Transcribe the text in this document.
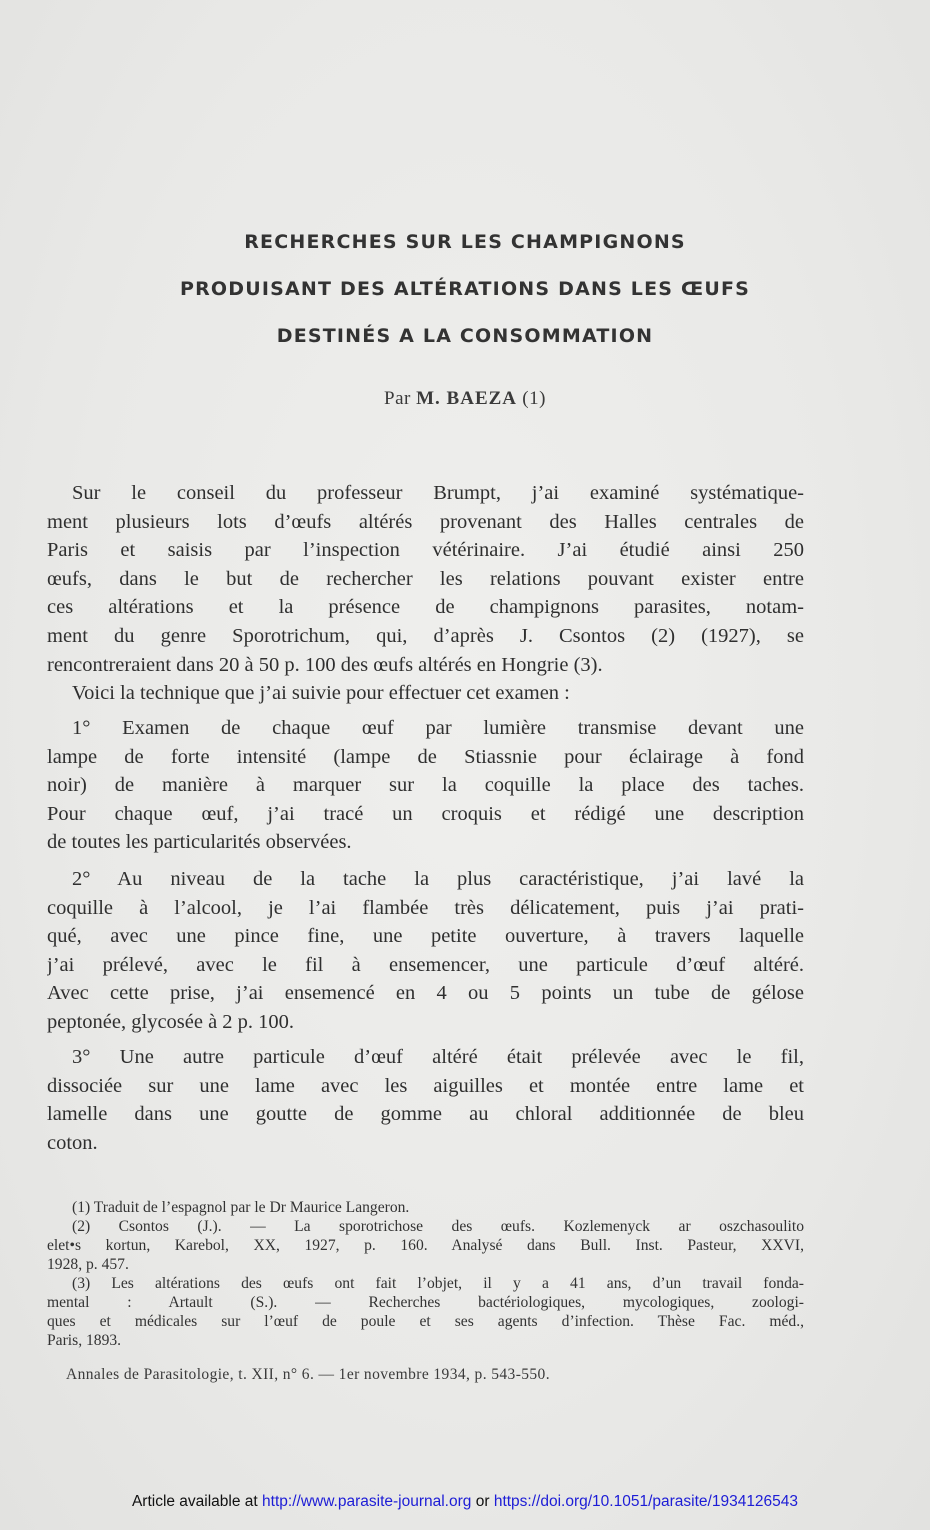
RECHERCHES SUR LES CHAMPIGNONS
PRODUISANT DES ALTÉRATIONS DANS LES ŒUFS
DESTINÉS A LA CONSOMMATION
Par M. BAEZA (1)
Sur le conseil du professeur Brumpt, j’ai examiné systématique-
ment plusieurs lots d’œufs altérés provenant des Halles centrales de
Paris et saisis par l’inspection vétérinaire. J’ai étudié ainsi 250
œufs, dans le but de rechercher les relations pouvant exister entre
ces altérations et la présence de champignons parasites, notam-
ment du genre Sporotrichum, qui, d’après J. Csontos (2) (1927), se
rencontreraient dans 20 à 50 p. 100 des œufs altérés en Hongrie (3).
Voici la technique que j’ai suivie pour effectuer cet examen :
1° Examen de chaque œuf par lumière transmise devant une
lampe de forte intensité (lampe de Stiassnie pour éclairage à fond
noir) de manière à marquer sur la coquille la place des taches.
Pour chaque œuf, j’ai tracé un croquis et rédigé une description
de toutes les particularités observées.
2° Au niveau de la tache la plus caractéristique, j’ai lavé la
coquille à l’alcool, je l’ai flambée très délicatement, puis j’ai prati-
qué, avec une pince fine, une petite ouverture, à travers laquelle
j’ai prélevé, avec le fil à ensemencer, une particule d’œuf altéré.
Avec cette prise, j’ai ensemencé en 4 ou 5 points un tube de gélose
peptonée, glycosée à 2 p. 100.
3° Une autre particule d’œuf altéré était prélevée avec le fil,
dissociée sur une lame avec les aiguilles et montée entre lame et
lamelle dans une goutte de gomme au chloral additionnée de bleu
coton.
(1) Traduit de l’espagnol par le Dr Maurice Langeron.
(2) Csontos (J.). — La sporotrichose des œufs. Kozlemenyck ar oszchasoulito
elet•s kortun, Karebol, XX, 1927, p. 160. Analysé dans Bull. Inst. Pasteur, XXVI,
1928, p. 457.
(3) Les altérations des œufs ont fait l’objet, il y a 41 ans, d’un travail fonda-
mental : Artault (S.). — Recherches bactériologiques, mycologiques, zoologi-
ques et médicales sur l’œuf de poule et ses agents d’infection. Thèse Fac. méd.,
Paris, 1893.
Annales de Parasitologie, t. XII, n° 6. — 1er novembre 1934, p. 543-550.
Article available at http://www.parasite-journal.org or https://doi.org/10.1051/parasite/1934126543
